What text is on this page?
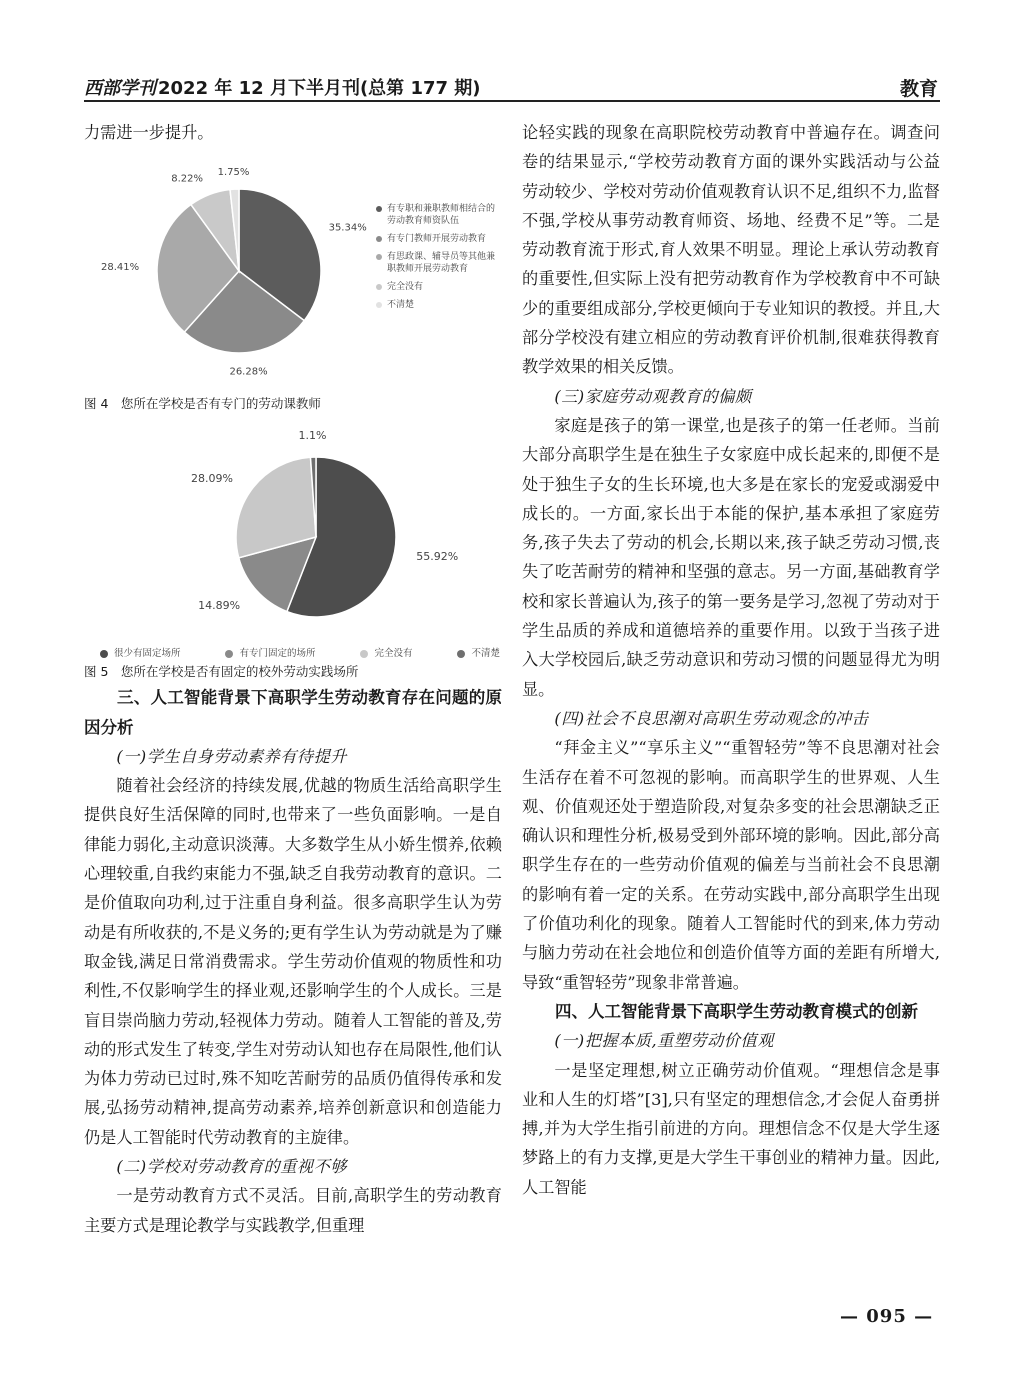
西部学刊 2022 年 12 月下半月刊(总第 177 期)	教育

力需进一步提升。

35.34%
26.28%
28.41%
8.22%
1.75%
有专职和兼职教师相结合的劳动教育师资队伍
有专门教师开展劳动教育
有思政课、辅导员等其他兼职教师开展劳动教育
完全没有
不清楚

图 4　您所在学校是否有专门的劳动课教师

55.92%
14.89%
28.09%
1.1%
很少有固定场所	有专门固定的场所	完全没有	不清楚

图 5　您所在学校是否有固定的校外劳动实践场所

三、人工智能背景下高职学生劳动教育存在问题的原因分析

(一)学生自身劳动素养有待提升

随着社会经济的持续发展,优越的物质生活给高职学生提供良好生活保障的同时,也带来了一些负面影响。一是自律能力弱化,主动意识淡薄。大多数学生从小娇生惯养,依赖心理较重,自我约束能力不强,缺乏自我劳动教育的意识。二是价值取向功利,过于注重自身利益。很多高职学生认为劳动是有所收获的,不是义务的;更有学生认为劳动就是为了赚取金钱,满足日常消费需求。学生劳动价值观的物质性和功利性,不仅影响学生的择业观,还影响学生的个人成长。三是盲目崇尚脑力劳动,轻视体力劳动。随着人工智能的普及,劳动的形式发生了转变,学生对劳动认知也存在局限性,他们认为体力劳动已过时,殊不知吃苦耐劳的品质仍值得传承和发展,弘扬劳动精神,提高劳动素养,培养创新意识和创造能力仍是人工智能时代劳动教育的主旋律。

(二)学校对劳动教育的重视不够

一是劳动教育方式不灵活。目前,高职学生的劳动教育主要方式是理论教学与实践教学,但重理

论轻实践的现象在高职院校劳动教育中普遍存在。调查问卷的结果显示,“学校劳动教育方面的课外实践活动与公益劳动较少、学校对劳动价值观教育认识不足,组织不力,监督不强,学校从事劳动教育师资、场地、经费不足”等。二是劳动教育流于形式,育人效果不明显。理论上承认劳动教育的重要性,但实际上没有把劳动教育作为学校教育中不可缺少的重要组成部分,学校更倾向于专业知识的教授。并且,大部分学校没有建立相应的劳动教育评价机制,很难获得教育教学效果的相关反馈。

(三)家庭劳动观教育的偏颇

家庭是孩子的第一课堂,也是孩子的第一任老师。当前大部分高职学生是在独生子女家庭中成长起来的,即便不是处于独生子女的生长环境,也大多是在家长的宠爱或溺爱中成长的。一方面,家长出于本能的保护,基本承担了家庭劳务,孩子失去了劳动的机会,长期以来,孩子缺乏劳动习惯,丧失了吃苦耐劳的精神和坚强的意志。另一方面,基础教育学校和家长普遍认为,孩子的第一要务是学习,忽视了劳动对于学生品质的养成和道德培养的重要作用。以致于当孩子进入大学校园后,缺乏劳动意识和劳动习惯的问题显得尤为明显。

(四)社会不良思潮对高职生劳动观念的冲击

“拜金主义”“享乐主义”“重智轻劳”等不良思潮对社会生活存在着不可忽视的影响。而高职学生的世界观、人生观、价值观还处于塑造阶段,对复杂多变的社会思潮缺乏正确认识和理性分析,极易受到外部环境的影响。因此,部分高职学生存在的一些劳动价值观的偏差与当前社会不良思潮的影响有着一定的关系。在劳动实践中,部分高职学生出现了价值功利化的现象。随着人工智能时代的到来,体力劳动与脑力劳动在社会地位和创造价值等方面的差距有所增大,导致“重智轻劳”现象非常普遍。

四、人工智能背景下高职学生劳动教育模式的创新

(一)把握本质,重塑劳动价值观

一是坚定理想,树立正确劳动价值观。“理想信念是事业和人生的灯塔”[3],只有坚定的理想信念,才会促人奋勇拼搏,并为大学生指引前进的方向。理想信念不仅是大学生逐梦路上的有力支撑,更是大学生干事创业的精神力量。因此,人工智能

— 095 —
